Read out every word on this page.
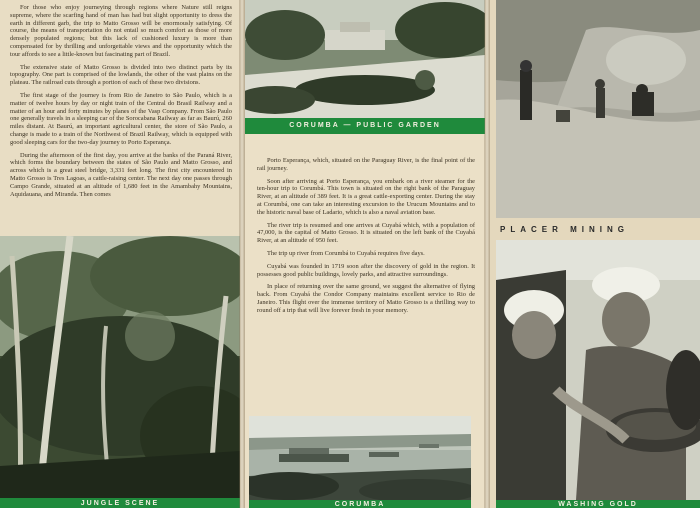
For those who enjoy journeying through regions where Nature still reigns supreme, where the scarfing hand of man has had but slight opportunity to dress the earth in different garb, the trip to Matto Grosso will be enormously satisfying. Of course, the means of transportation do not entail so much comfort as those of more densely populated regions; but this lack of cushioned luxury is more than compensated for by thrilling and unforgettable views and the opportunity which the tour affords to see a little-known but fascinating part of Brazil.

The extensive state of Matto Grosso is divided into two distinct parts by its topography. One part is comprised of the lowlands, the other of the vast plains on the plateau. The railroad cuts through a portion of each of these two divisions.

The first stage of the journey is from Rio de Janeiro to São Paulo, which is a matter of twelve hours by day or night train of the Central do Brasil Railway and a matter of an hour and forty minutes by planes of the Vasp Company. From São Paulo one generally travels in a sleeping car of the Sorocabana Railway as far as Baurú, 260 miles distant. At Baurú, an important agricultural center, the store of São Paulo, a change is made to a train of the Northwest of Brazil Railway, which is equipped with good sleeping cars for the two-day journey to Porto Esperança.

During the afternoon of the first day, you arrive at the banks of the Paraná River, which forms the boundary between the states of São Paulo and Matto Grosso, and across which is a great steel bridge, 3,331 feet long. The first city encountered in Matto Grosso is Tres Lagoas, a cattle-raising center. The next day one passes through Campo Grande, situated at an altitude of 1,680 feet in the Amambahy Mountains, Aquidauana, and Miranda. Then comes

JUNGLE SCENE
CORUMBA — PUBLIC GARDEN

Porto Esperança, which, situated on the Paraguay River, is the final point of the rail journey.

Soon after arriving at Porto Esperança, you embark on a river steamer for the ten-hour trip to Corumbá. This town is situated on the right bank of the Paraguay River, at an altitude of 389 feet. It is a great cattle-exporting center. During the stay at Corumbá, one can take an interesting excursion to the Urucum Mountains and to the historic naval base of Ladario, which is also a naval aviation base.

The river trip is resumed and one arrives at Cuyabá which, with a population of 47,000, is the capital of Matto Grosso. It is situated on the left bank of the Cuyabá River, at an altitude of 950 feet.

The trip up river from Corumbá to Cuyabá requires five days.

Cuyabá was founded in 1719 soon after the discovery of gold in the region. It possesses good public buildings, lovely parks, and attractive surroundings.

In place of returning over the same ground, we suggest the alternative of flying back. From Cuyabá the Condor Company maintains excellent service to Rio de Janeiro. This flight over the immense territory of Matto Grosso is a thrilling way to round off a trip that will live forever fresh in your memory.

CORUMBA
PLACER MINING
WASHING GOLD
